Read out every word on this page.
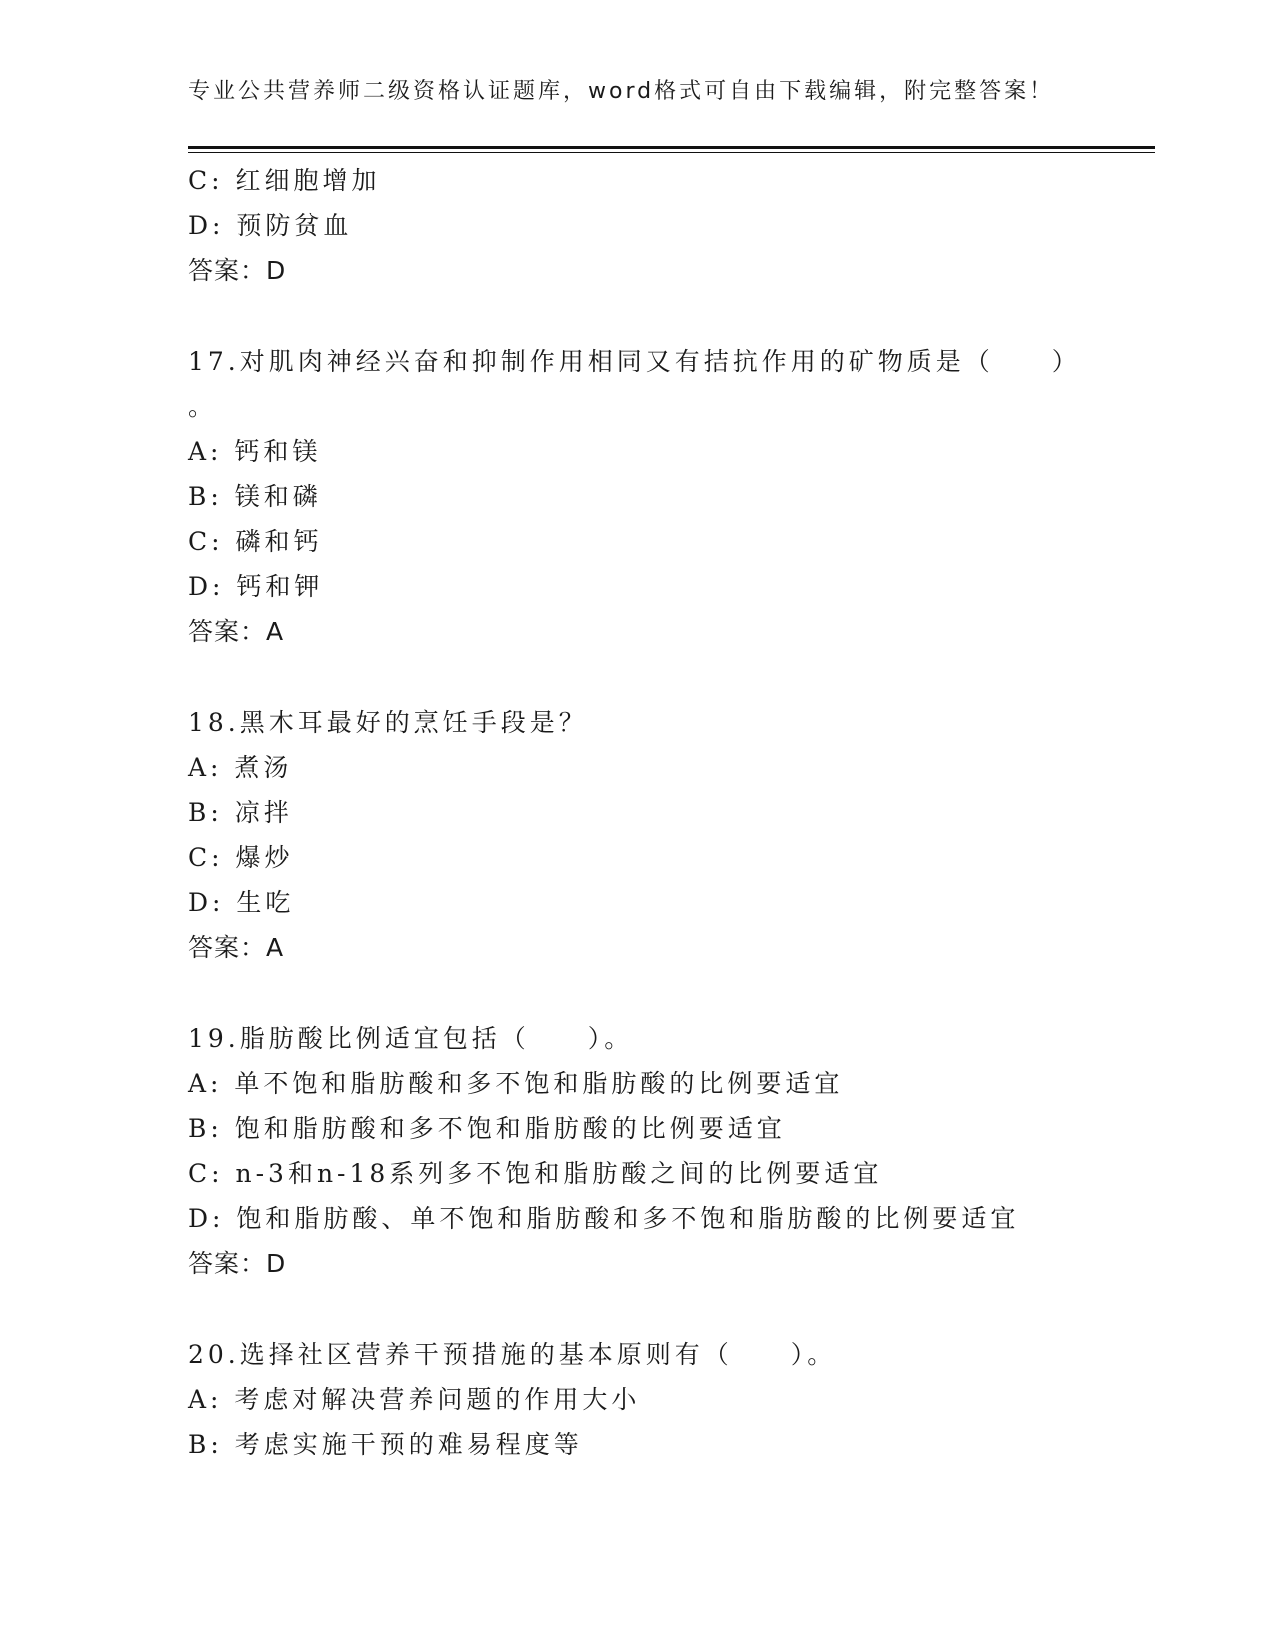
专业公共营养师二级资格认证题库，word格式可自由下载编辑，附完整答案！
C: 红细胞增加
D: 预防贫血
答案：D
17.对肌肉神经兴奋和抑制作用相同又有拮抗作用的矿物质是（　　）
。
A: 钙和镁
B: 镁和磷
C: 磷和钙
D: 钙和钾
答案：A
18.黑木耳最好的烹饪手段是？
A: 煮汤
B: 凉拌
C: 爆炒
D: 生吃
答案：A
19.脂肪酸比例适宜包括（　　）。
A: 单不饱和脂肪酸和多不饱和脂肪酸的比例要适宜
B: 饱和脂肪酸和多不饱和脂肪酸的比例要适宜
C: n-3和n-18系列多不饱和脂肪酸之间的比例要适宜
D: 饱和脂肪酸、单不饱和脂肪酸和多不饱和脂肪酸的比例要适宜
答案：D
20.选择社区营养干预措施的基本原则有（　　）。
A: 考虑对解决营养问题的作用大小
B: 考虑实施干预的难易程度等
